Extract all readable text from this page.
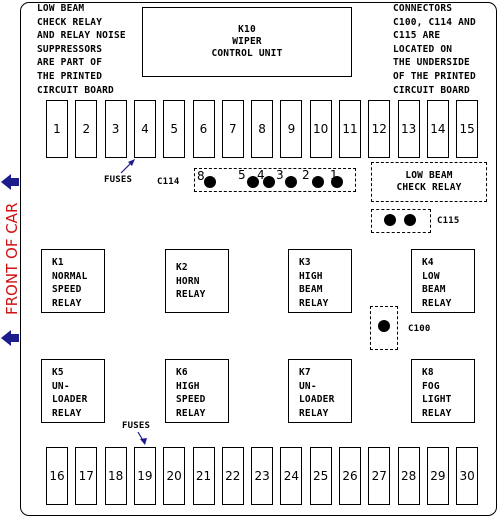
LOW BEAM
CHECK RELAY
AND RELAY NOISE
SUPPRESSORS
ARE PART OF
THE PRINTED
CIRCUIT BOARD
CONNECTORS
C100, C114 AND
C115 ARE
LOCATED ON
THE UNDERSIDE
OF THE PRINTED
CIRCUIT BOARD
K10
WIPER
CONTROL UNIT
1	2	3	4	5	6	7	8	9	10 11 12 13 14 15
FUSES	C114 8	5 4 3 2 1	LOW BEAM
CHECK RELAY
C115
C100
K1
NORMAL
SPEED
RELAY
K2
HORN
RELAY
K3
HIGH
BEAM
RELAY
K4
LOW
BEAM
RELAY
K5
UN-
LOADER
RELAY
K6
HIGH
SPEED
RELAY
K7
UN-
LOADER
RELAY
K8
FOG
LIGHT
RELAY
FUSES
16 17 18 19 20 21 22 23 24 25 26 27 28 29 30
FRONT OF CAR
